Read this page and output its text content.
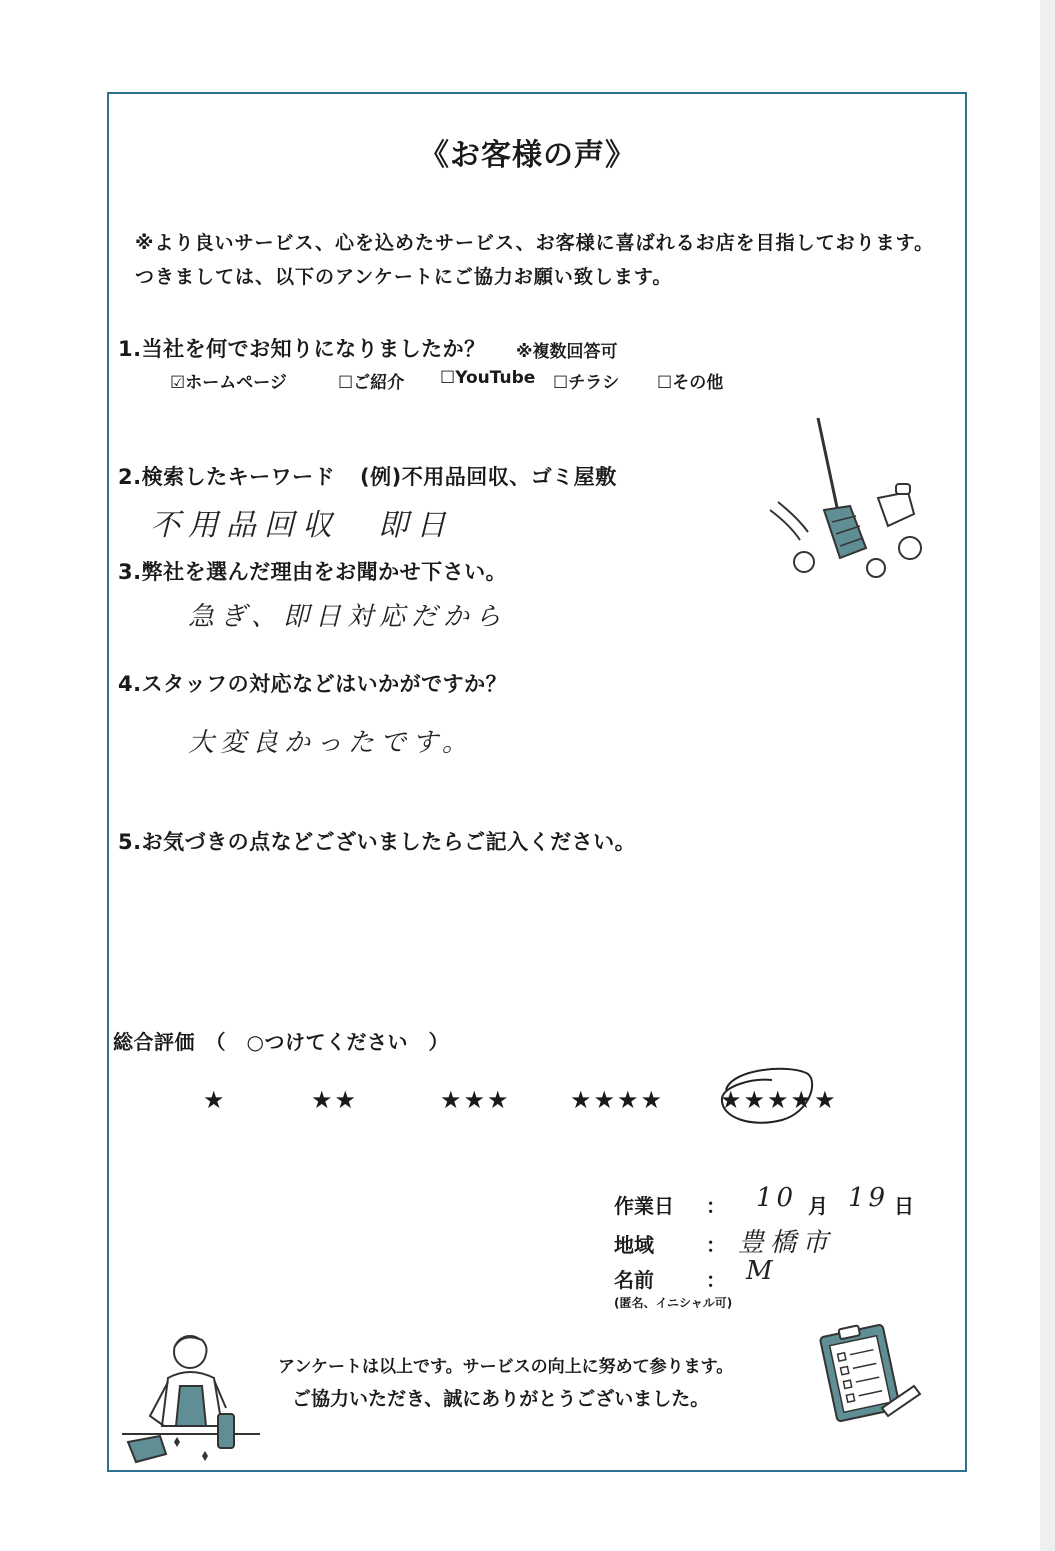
《お客様の声》
※より良いサービス、心を込めたサービス、お客様に喜ばれるお店を目指しております。
つきましては、以下のアンケートにご協力お願い致します。
1.当社を何でお知りになりましたか？ ※複数回答可
☑ホームページ	☐ご紹介 ☐YouTube ☐チラシ ☐その他
2.検索したキーワード (例)不用品回収、ゴミ屋敷
不用品回収　即日
3.弊社を選んだ理由をお聞かせ下さい。
急ぎ、即日対応だから
4.スタッフの対応などはいかがですか？
大変良かったです。
5.お気づきの点などございましたらご記入ください。
総合評価　（　○つけてください　）
★	★★	★★★ ★★★★ ★★★★★
作業日 ： 10 月 19 日
地域	： 豊橋市
名前	： M
(匿名、イニシャル可)
アンケートは以上です。サービスの向上に努めて参ります。
ご協力いただき、誠にありがとうございました。
